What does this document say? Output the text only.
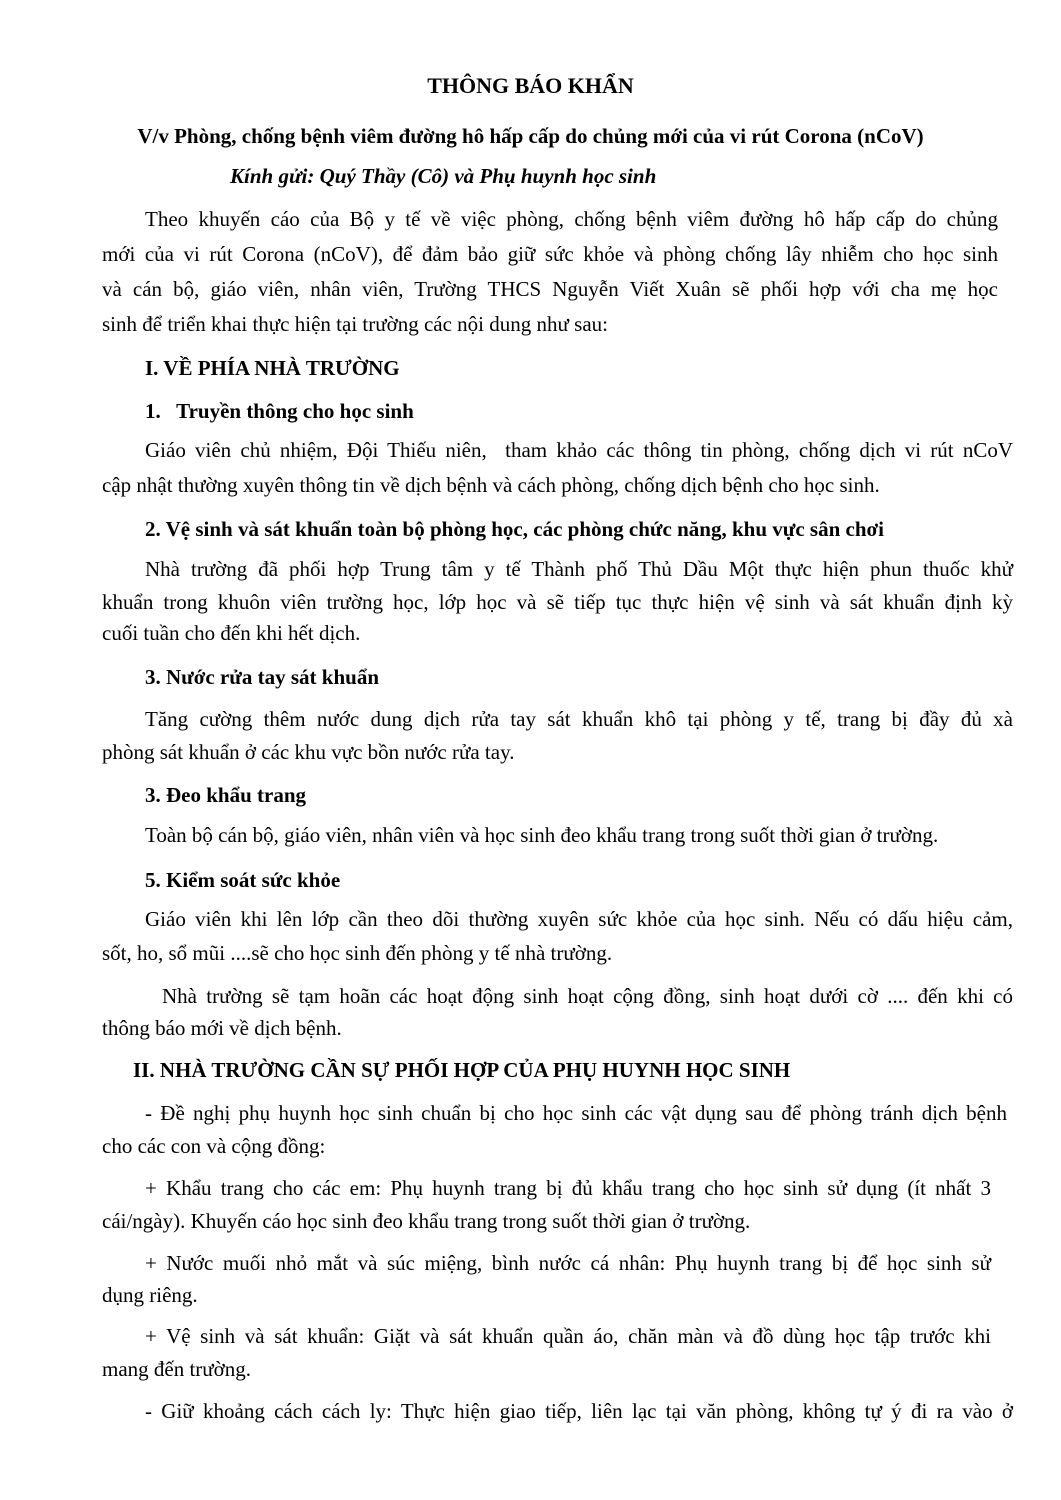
THÔNG BÁO KHẨN
V/v Phòng, chống bệnh viêm đường hô hấp cấp do chủng mới của vi rút Corona (nCoV)
Kính gửi: Quý Thầy (Cô) và Phụ huynh học sinh
Theo khuyến cáo của Bộ y tế về việc phòng, chống bệnh viêm đường hô hấp cấp do chủng
mới của vi rút Corona (nCoV), để đảm bảo giữ sức khỏe và phòng chống lây nhiễm cho học sinh
và cán bộ, giáo viên, nhân viên, Trường THCS Nguyễn Viết Xuân sẽ phối hợp với cha mẹ học
sinh để triển khai thực hiện tại trường các nội dung như sau:
I. VỀ PHÍA NHÀ TRƯỜNG
1.   Truyền thông cho học sinh
Giáo viên chủ nhiệm, Đội Thiếu niên,  tham khảo các thông tin phòng, chống dịch vi rút nCoV
cập nhật thường xuyên thông tin về dịch bệnh và cách phòng, chống dịch bệnh cho học sinh.
2. Vệ sinh và sát khuẩn toàn bộ phòng học, các phòng chức năng, khu vực sân chơi
Nhà trường đã phối hợp Trung tâm y tế Thành phố Thủ Dầu Một thực hiện phun thuốc khử
khuẩn trong khuôn viên trường học, lớp học và sẽ tiếp tục thực hiện vệ sinh và sát khuẩn định kỳ
cuối tuần cho đến khi hết dịch.
3. Nước rửa tay sát khuẩn
Tăng cường thêm nước dung dịch rửa tay sát khuẩn khô tại phòng y tế, trang bị đầy đủ xà
phòng sát khuẩn ở các khu vực bồn nước rửa tay.
3. Đeo khẩu trang
Toàn bộ cán bộ, giáo viên, nhân viên và học sinh đeo khẩu trang trong suốt thời gian ở trường.
5. Kiểm soát sức khỏe
Giáo viên khi lên lớp cần theo dõi thường xuyên sức khỏe của học sinh. Nếu có dấu hiệu cảm,
sốt, ho, sổ mũi ....sẽ cho học sinh đến phòng y tế nhà trường.
Nhà trường sẽ tạm hoãn các hoạt động sinh hoạt cộng đồng, sinh hoạt dưới cờ .... đến khi có
thông báo mới về dịch bệnh.
II. NHÀ TRƯỜNG CẦN SỰ PHỐI HỢP CỦA PHỤ HUYNH HỌC SINH
- Đề nghị phụ huynh học sinh chuẩn bị cho học sinh các vật dụng sau để phòng tránh dịch bệnh
cho các con và cộng đồng:
+ Khẩu trang cho các em: Phụ huynh trang bị đủ khẩu trang cho học sinh sử dụng (ít nhất 3
cái/ngày). Khuyến cáo học sinh đeo khẩu trang trong suốt thời gian ở trường.
+ Nước muối nhỏ mắt và súc miệng, bình nước cá nhân: Phụ huynh trang bị để học sinh sử
dụng riêng.
+ Vệ sinh và sát khuẩn: Giặt và sát khuẩn quần áo, chăn màn và đồ dùng học tập trước khi
mang đến trường.
- Giữ khoảng cách cách ly: Thực hiện giao tiếp, liên lạc tại văn phòng, không tự ý đi ra vào ở
